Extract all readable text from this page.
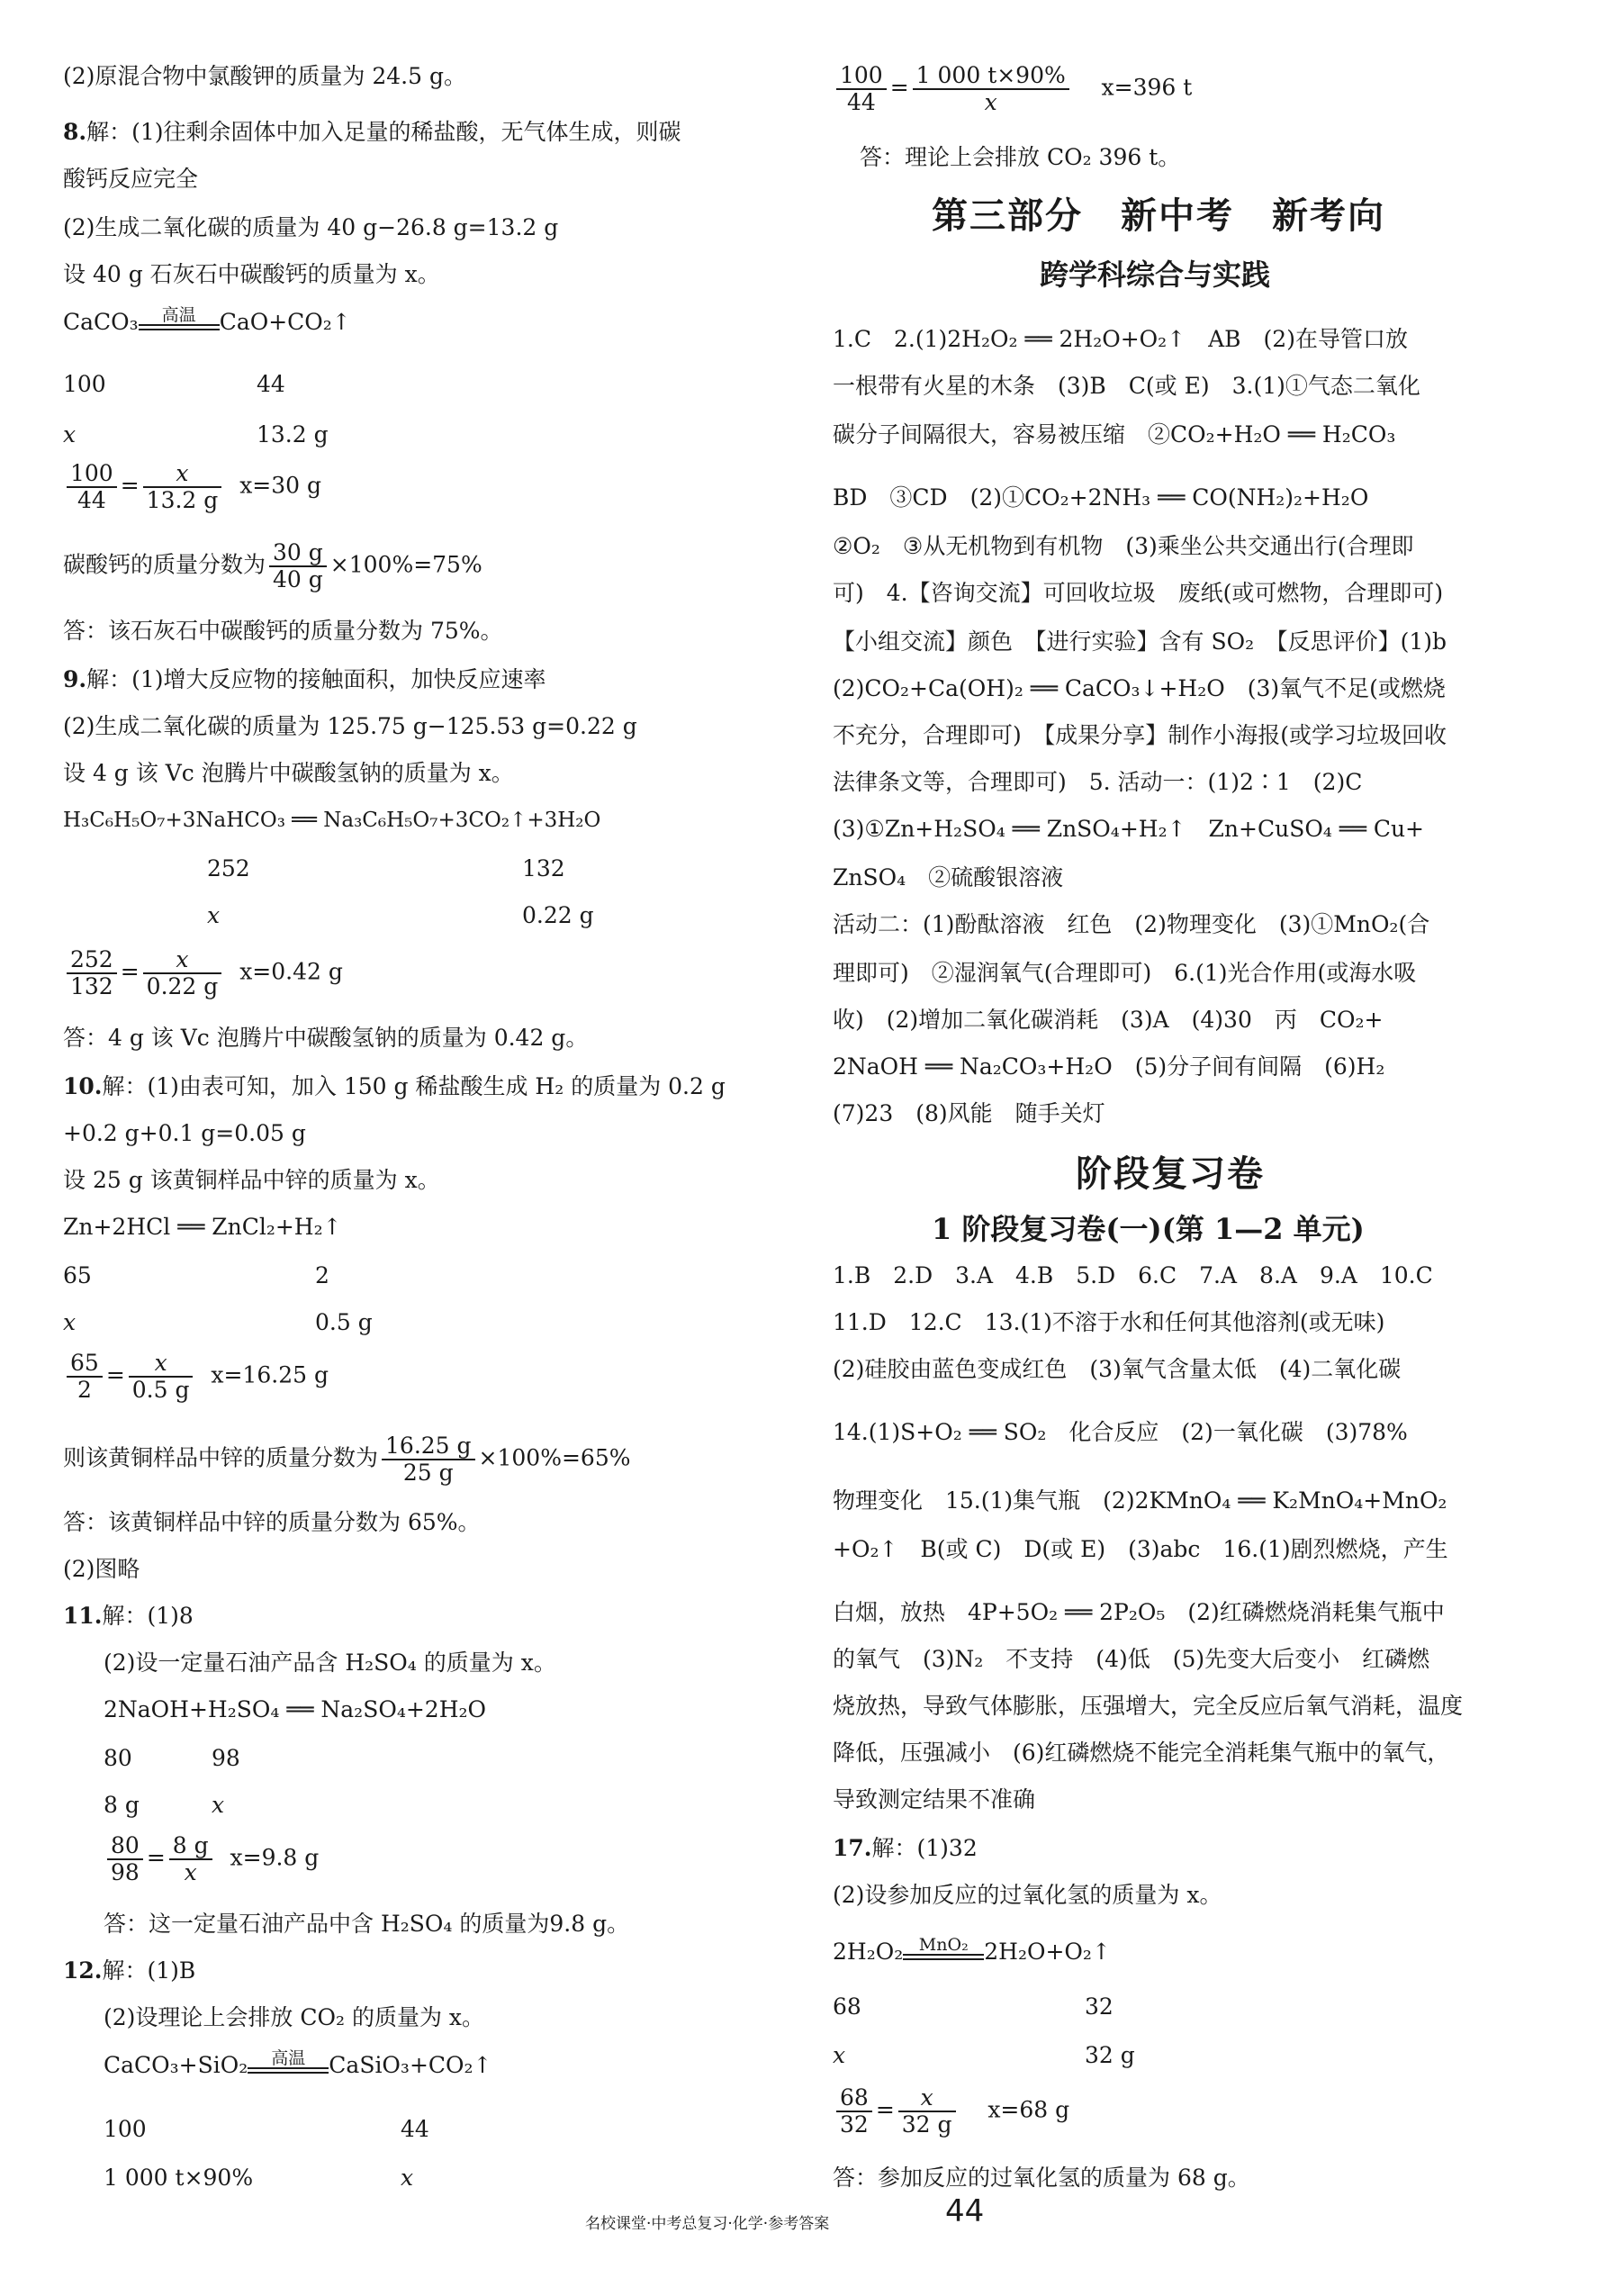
(2)原混合物中氯酸钾的质量为 24.5 g。
8.解：(1)往剩余固体中加入足量的稀盐酸，无气体生成，则碳
酸钙反应完全
(2)生成二氧化碳的质量为 40 g−26.8 g=13.2 g
设 40 g 石灰石中碳酸钙的质量为 x。
CaCO₃	高温	CaO+CO₂↑
100	44
x	13.2 g
$\frac{100}{44} = \frac{x}{13.2 g} x=30$ g
碳酸钙的质量分数为 $\frac{30 g}{40 g} \times 100\%=75\%$
答：该石灰石中碳酸钙的质量分数为 75%。
9.解：(1)增大反应物的接触面积，加快反应速率
(2)生成二氧化碳的质量为 125.75 g−125.53 g=0.22 g
设 4 g 该 Vc 泡腾片中碳酸氢钠的质量为 x。
H₃C₆H₅O₇+3NaHCO₃ ══ Na₃C₆H₅O₇+3CO₂↑+3H₂O
252	132
x	0.22 g
$\frac{252}{132} = \frac{x}{0.22 g} x=0.42$ g
答：4 g 该 Vc 泡腾片中碳酸氢钠的质量为 0.42 g。
10.解：(1)由表可知，加入 150 g 稀盐酸生成 H₂ 的质量为 0.2 g
+0.2 g+0.1 g=0.05 g
设 25 g 该黄铜样品中锌的质量为 x。
Zn+2HCl ══ ZnCl₂+H₂↑
65	2
x	0.5 g
$\frac{65}{2} = \frac{x}{0.5 g} x=16.25$ g
则该黄铜样品中锌的质量分数为 $\frac{16.25 g}{25 g} \times 100\%=65\%$
答：该黄铜样品中锌的质量分数为 65%。
(2)图略
11.解：(1)8
(2)设一定量石油产品含 H₂SO₄ 的质量为 x。
2NaOH+H₂SO₄ ══ Na₂SO₄+2H₂O
80	98
8 g	x
$\frac{80}{98} = \frac{8 g}{x} x=9.8$ g
答：这一定量石油产品中含 H₂SO₄ 的质量为9.8 g。
12.解：(1)B
(2)设理论上会排放 CO₂ 的质量为 x。
CaCO₃+SiO₂	高温	CaSiO₃+CO₂↑
100	44
1 000 t×90%	x
$\frac{100}{44} = \frac{1 000 t\times 90\%}{x} x=396$ t
答：理论上会排放 CO₂ 396 t。
第三部分　新中考　新考向
跨学科综合与实践
1.C　2.(1)2H₂O₂ ══ 2H₂O+O₂↑　AB　(2)在导管口放
一根带有火星的木条　(3)B　C(或 E)　3.(1)①气态二氧化
碳分子间隔很大，容易被压缩　②CO₂+H₂O ══ H₂CO₃
BD　③CD　(2)①CO₂+2NH₃ ══ CO(NH₂)₂+H₂O
②O₂　③从无机物到有机物　(3)乘坐公共交通出行(合理即
可)　4.【咨询交流】可回收垃圾　废纸(或可燃物，合理即可)
【小组交流】颜色　【进行实验】含有 SO₂　【反思评价】(1)b
(2)CO₂+Ca(OH)₂ ══ CaCO₃↓+H₂O　(3)氧气不足(或燃烧
不充分，合理即可)　【成果分享】制作小海报(或学习垃圾回收
法律条文等，合理即可)　5. 活动一：(1)2∶1　(2)C
(3)①Zn+H₂SO₄ ══ ZnSO₄+H₂↑　Zn+CuSO₄ ══ Cu+
ZnSO₄　②硫酸银溶液
活动二：(1)酚酞溶液　红色　(2)物理变化　(3)①MnO₂(合
理即可)　②湿润氧气(合理即可)　6.(1)光合作用(或海水吸
收)　(2)增加二氧化碳消耗　(3)A　(4)30　丙　CO₂+
2NaOH ══ Na₂CO₃+H₂O　(5)分子间有间隔　(6)H₂
(7)23　(8)风能　随手关灯
阶段复习卷
1 阶段复习卷(一)(第 1—2 单元)
1.B　2.D　3.A　4.B　5.D　6.C　7.A　8.A　9.A　10.C
11.D　12.C　13.(1)不溶于水和任何其他溶剂(或无味)
(2)硅胶由蓝色变成红色　(3)氧气含量太低　(4)二氧化碳
14.(1)S+O₂ ══ SO₂　化合反应　(2)一氧化碳　(3)78%
物理变化　15.(1)集气瓶　(2)2KMnO₄ ══ K₂MnO₄+MnO₂
+O₂↑　B(或 C)　D(或 E)　(3)abc　16.(1)剧烈燃烧，产生
白烟，放热　4P+5O₂ ══ 2P₂O₅　(2)红磷燃烧消耗集气瓶中
的氧气　(3)N₂　不支持　(4)低　(5)先变大后变小　红磷燃
烧放热，导致气体膨胀，压强增大，完全反应后氧气消耗，温度
降低，压强减小　(6)红磷燃烧不能完全消耗集气瓶中的氧气，
导致测定结果不准确
17.解：(1)32
(2)设参加反应的过氧化氢的质量为 x。
2H₂O₂ MnO₂ 2H₂O+O₂↑
68	32
x	32 g
$\frac{68}{32} = \frac{x}{32 g} x=68$ g
答：参加反应的过氧化氢的质量为 68 g。
名校课堂·中考总复习·化学·参考答案	44
